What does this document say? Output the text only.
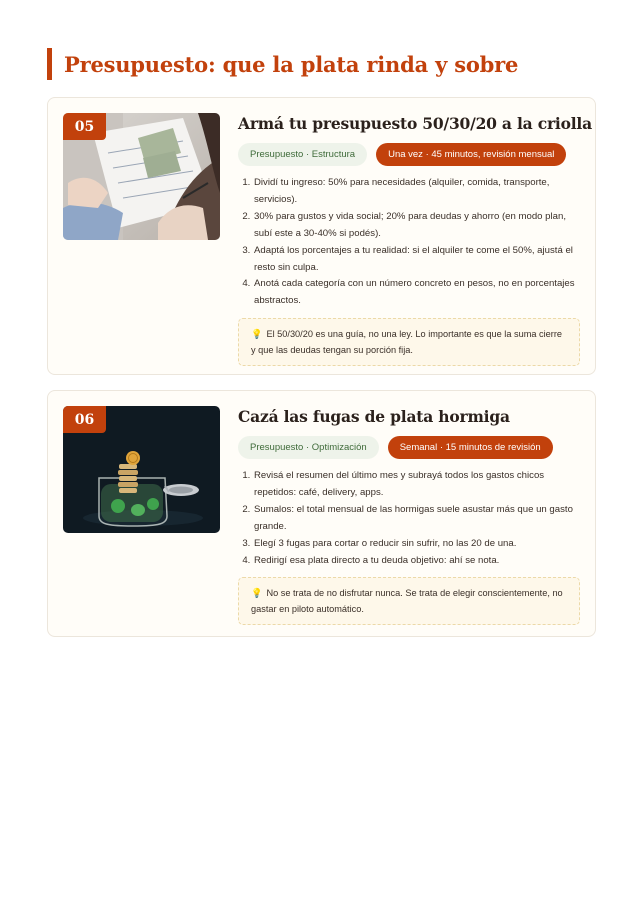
Presupuesto: que la plata rinda y sobre
05	Armá tu presupuesto 50/30/20 a la criolla
Presupuesto · Estructura	Una vez · 45 minutos, revisión mensual
1. Dividí tu ingreso: 50% para necesidades (alquiler, comida, transporte, servicios).
2. 30% para gustos y vida social; 20% para deudas y ahorro (en modo plan, subí este a 30-40% si podés).
3. Adaptá los porcentajes a tu realidad: si el alquiler te come el 50%, ajustá el resto sin culpa.
4. Anotá cada categoría con un número concreto en pesos, no en porcentajes abstractos.
💡 El 50/30/20 es una guía, no una ley. Lo importante es que la suma cierre y que las deudas tengan su porción fija.
06	Cazá las fugas de plata hormiga
Presupuesto · Optimización	Semanal · 15 minutos de revisión
1. Revisá el resumen del último mes y subrayá todos los gastos chicos repetidos: café, delivery, apps.
2. Sumalos: el total mensual de las hormigas suele asustar más que un gasto grande.
3. Elegí 3 fugas para cortar o reducir sin sufrir, no las 20 de una.
4. Redirigí esa plata directo a tu deuda objetivo: ahí se nota.
💡 No se trata de no disfrutar nunca. Se trata de elegir conscientemente, no gastar en piloto automático.
